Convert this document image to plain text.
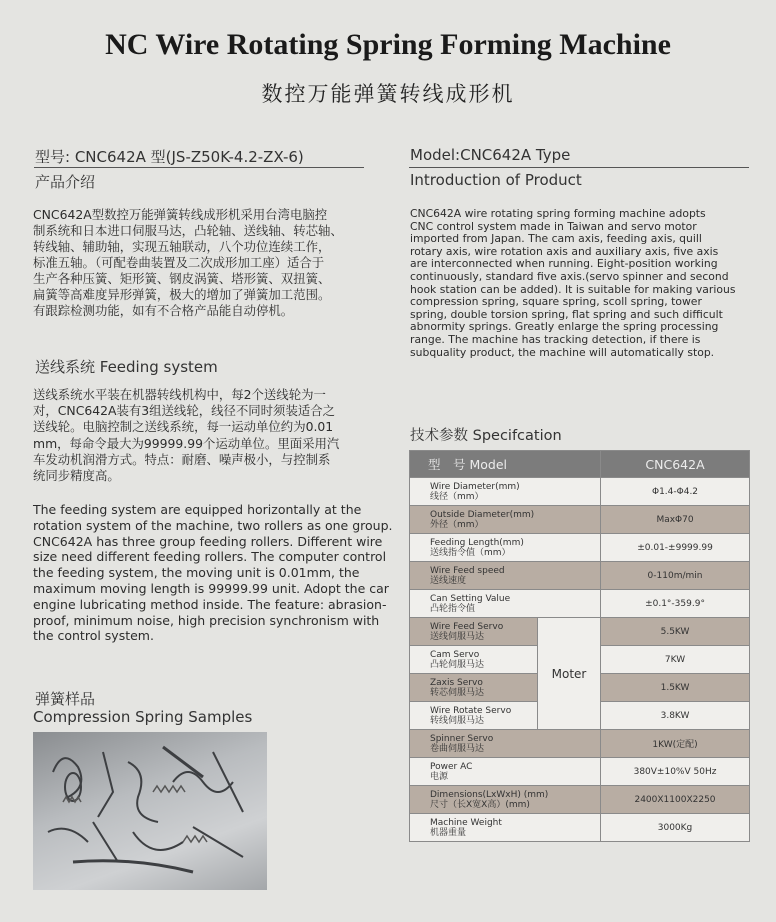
NC Wire Rotating Spring Forming Machine
数控万能弹簧转线成形机
型号: CNC642A 型(JS-Z50K-4.2-ZX-6)
产品介绍
CNC642A型数控万能弹簧转线成形机采用台湾电脑控
制系统和日本进口伺服马达，凸轮轴、送线轴、转芯轴、
转线轴、辅助轴，实现五轴联动，八个功位连续工作，
标准五轴。（可配卷曲装置及二次成形加工座）适合于
生产各种压簧、矩形簧、钢皮涡簧、塔形簧、双扭簧、
扁簧等高难度异形弹簧，极大的增加了弹簧加工范围。
有跟踪检测功能，如有不合格产品能自动停机。
送线系统 Feeding system
送线系统水平装在机器转线机构中，每2个送线轮为一
对，CNC642A装有3组送线轮，线径不同时须装适合之
送线轮。电脑控制之送线系统，每一运动单位约为0.01
mm，每命令最大为99999.99个运动单位。里面采用汽
车发动机润滑方式。特点：耐磨、噪声极小，与控制系
统同步精度高。
The feeding system are equipped horizontally at the
rotation system of the machine, two rollers as one group.
CNC642A has three group feeding rollers. Different wire
size need different feeding rollers. The computer control
the feeding system, the moving unit is 0.01mm, the
maximum moving length is 99999.99 unit. Adopt the car
engine lubricating method inside. The feature: abrasion-
proof, minimum noise, high precision synchronism with
the control system.
弹簧样品
Compression Spring Samples
Model:CNC642A Type
Introduction of Product
CNC642A wire rotating spring forming machine adopts
CNC control system made in Taiwan and servo motor
imported from Japan. The cam axis, feeding axis, quill
rotary axis, wire rotation axis and auxiliary axis, five axis
are interconnected when running. Eight-position working
continuously, standard five axis.(servo spinner and second
hook station can be added). It is suitable for making various
compression spring, square spring, scoll spring, tower
spring, double torsion spring, flat spring and such difficult
abnormity springs. Greatly enlarge the spring processing
range. The machine has tracking detection, if there is
subquality product, the machine will automatically stop.
技术参数 Specifcation
型　号 Model		CNC642A

Wire Diameter(mm)
线径（mm）		Φ1.4-Φ4.2

Outside Diameter(mm)
外径（mm）		MaxΦ70

Feeding Length(mm)
送线指令值（mm）		±0.01-±9999.99

Wire Feed speed
送线速度		0-110m/min

Can Setting Value
凸轮指令值		±0.1°-359.9°

Wire Feed Servo
送线伺服马达	Moter	5.5KW

Cam Servo
凸轮伺服马达		7KW

Zaxis Servo
转芯伺服马达		1.5KW

Wire Rotate Servo
转线伺服马达		3.8KW

Spinner Servo
卷曲伺服马达		1KW(定配)

Power AC
电源		380V±10%V 50Hz

Dimensions(LxWxH) (mm)
尺寸（长X宽X高）(mm)		2400X1100X2250

Machine Weight
机器重量		3000Kg
